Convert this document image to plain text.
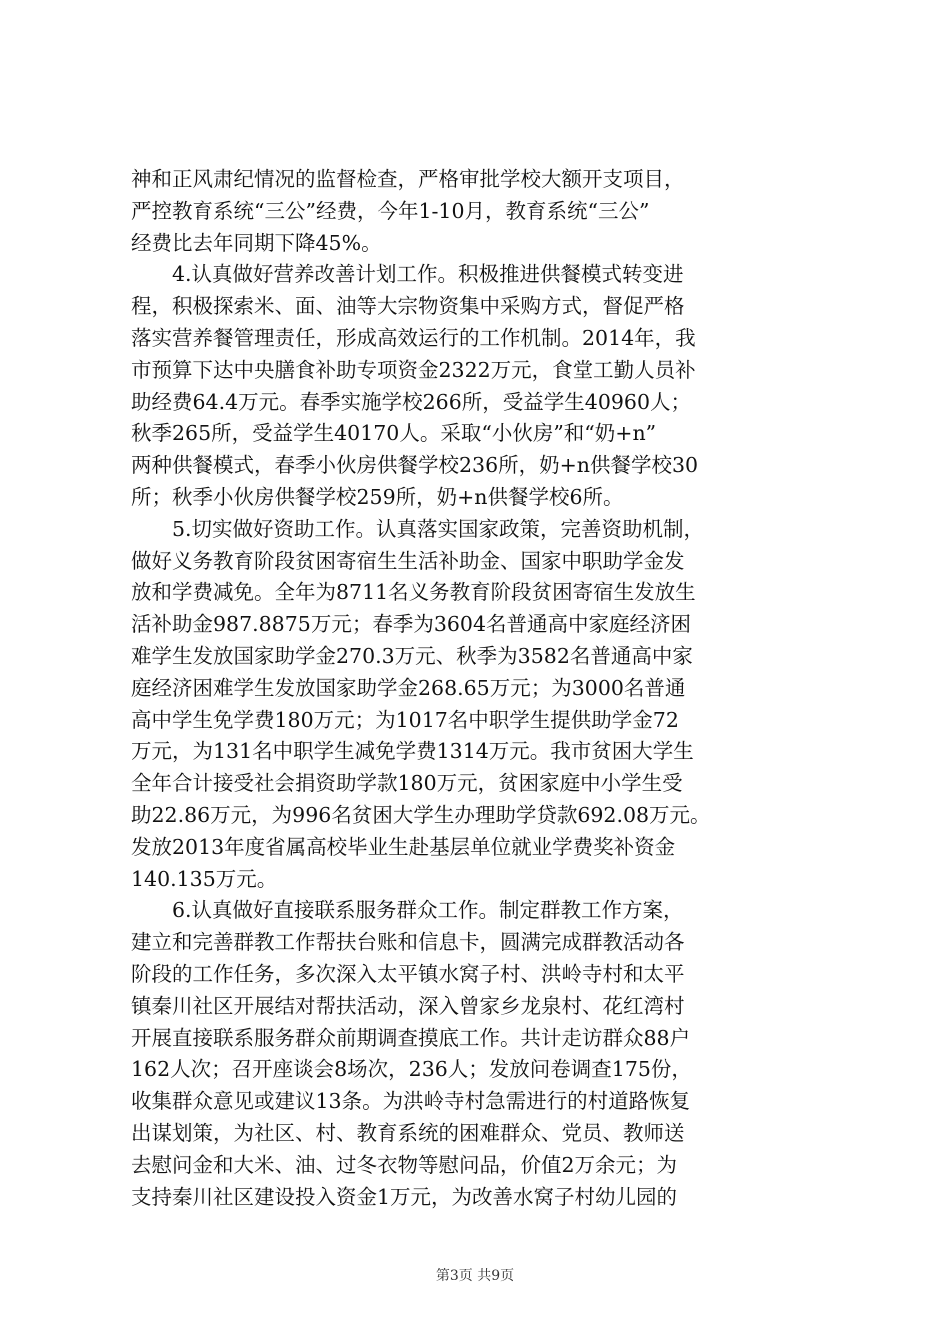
神和正风肃纪情况的监督检查，严格审批学校大额开支项目，
严控教育系统“三公”经费，今年1-10月，教育系统“三公”
经费比去年同期下降45%。
4.认真做好营养改善计划工作。积极推进供餐模式转变进
程，积极探索米、面、油等大宗物资集中采购方式，督促严格
落实营养餐管理责任，形成高效运行的工作机制。2014年，我
市预算下达中央膳食补助专项资金2322万元，食堂工勤人员补
助经费64.4万元。春季实施学校266所，受益学生40960人；
秋季265所，受益学生40170人。采取“小伙房”和“奶+n”
两种供餐模式，春季小伙房供餐学校236所，奶+n供餐学校30
所；秋季小伙房供餐学校259所，奶+n供餐学校6所。
5.切实做好资助工作。认真落实国家政策，完善资助机制，
做好义务教育阶段贫困寄宿生生活补助金、国家中职助学金发
放和学费减免。全年为8711名义务教育阶段贫困寄宿生发放生
活补助金987.8875万元；春季为3604名普通高中家庭经济困
难学生发放国家助学金270.3万元、秋季为3582名普通高中家
庭经济困难学生发放国家助学金268.65万元；为3000名普通
高中学生免学费180万元；为1017名中职学生提供助学金72
万元，为131名中职学生减免学费1314万元。我市贫困大学生
全年合计接受社会捐资助学款180万元，贫困家庭中小学生受
助22.86万元，为996名贫困大学生办理助学贷款692.08万元。
发放2013年度省属高校毕业生赴基层单位就业学费奖补资金
140.135万元。
6.认真做好直接联系服务群众工作。制定群教工作方案，
建立和完善群教工作帮扶台账和信息卡，圆满完成群教活动各
阶段的工作任务，多次深入太平镇水窝子村、洪岭寺村和太平
镇秦川社区开展结对帮扶活动，深入曾家乡龙泉村、花红湾村
开展直接联系服务群众前期调查摸底工作。共计走访群众88户
162人次；召开座谈会8场次，236人；发放问卷调查175份，
收集群众意见或建议13条。为洪岭寺村急需进行的村道路恢复
出谋划策，为社区、村、教育系统的困难群众、党员、教师送
去慰问金和大米、油、过冬衣物等慰问品，价值2万余元；为
支持秦川社区建设投入资金1万元，为改善水窝子村幼儿园的
第3页 共9页
